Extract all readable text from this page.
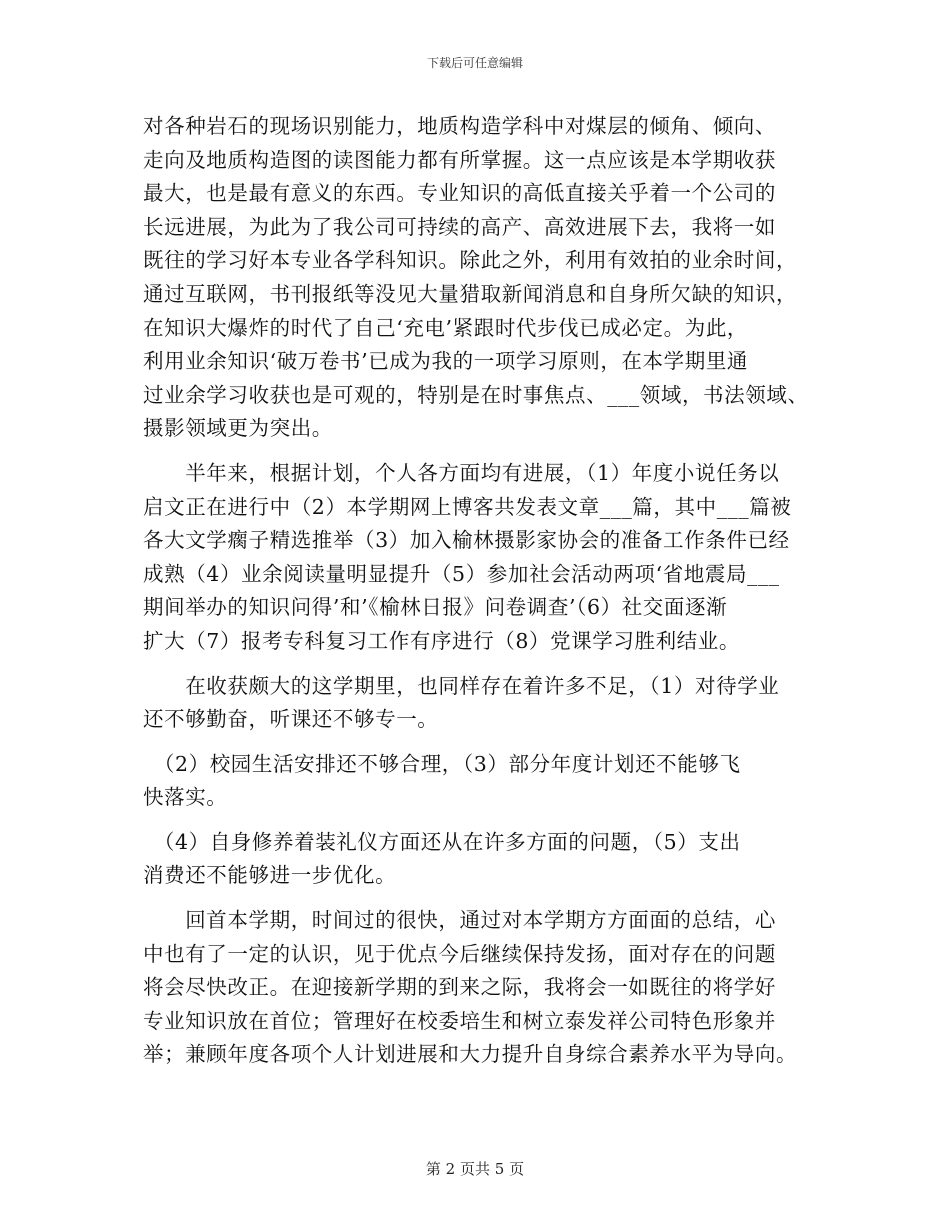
下载后可任意编辑
对各种岩石的现场识别能力，地质构造学科中对煤层的倾角、倾向、
走向及地质构造图的读图能力都有所掌握。这一点应该是本学期收获
最大，也是最有意义的东西。专业知识的高低直接关乎着一个公司的
长远进展，为此为了我公司可持续的高产、高效进展下去，我将一如
既往的学习好本专业各学科知识。除此之外，利用有效拍的业余时间，
通过互联网，书刊报纸等没见大量猎取新闻消息和自身所欠缺的知识，
在知识大爆炸的时代了自己‘充电’紧跟时代步伐已成必定。为此，
利用业余知识‘破万卷书’已成为我的一项学习原则，在本学期里通
过业余学习收获也是可观的，特别是在时事焦点、___领域，书法领域、
摄影领域更为突出。
　　半年来，根据计划，个人各方面均有进展，（1）年度小说任务以
启文正在进行中（2）本学期网上博客共发表文章___篇，其中___篇被
各大文学瘸子精选推举（3）加入榆林摄影家协会的准备工作条件已经
成熟（4）业余阅读量明显提升（5）参加社会活动两项‘省地震局___
期间举办的知识问得’和’《榆林日报》问卷调查’（6）社交面逐渐
扩大（7）报考专科复习工作有序进行（8）党课学习胜利结业。
　　在收获颇大的这学期里，也同样存在着许多不足，（1）对待学业
还不够勤奋，听课还不够专一。
　（2）校园生活安排还不够合理，（3）部分年度计划还不能够飞
快落实。
　（4）自身修养着装礼仪方面还从在许多方面的问题，（5）支出
消费还不能够进一步优化。
　　回首本学期，时间过的很快，通过对本学期方方面面的总结，心
中也有了一定的认识，见于优点今后继续保持发扬，面对存在的问题
将会尽快改正。在迎接新学期的到来之际，我将会一如既往的将学好
专业知识放在首位；管理好在校委培生和树立泰发祥公司特色形象并
举；兼顾年度各项个人计划进展和大力提升自身综合素养水平为导向。
第 2 页共 5 页
